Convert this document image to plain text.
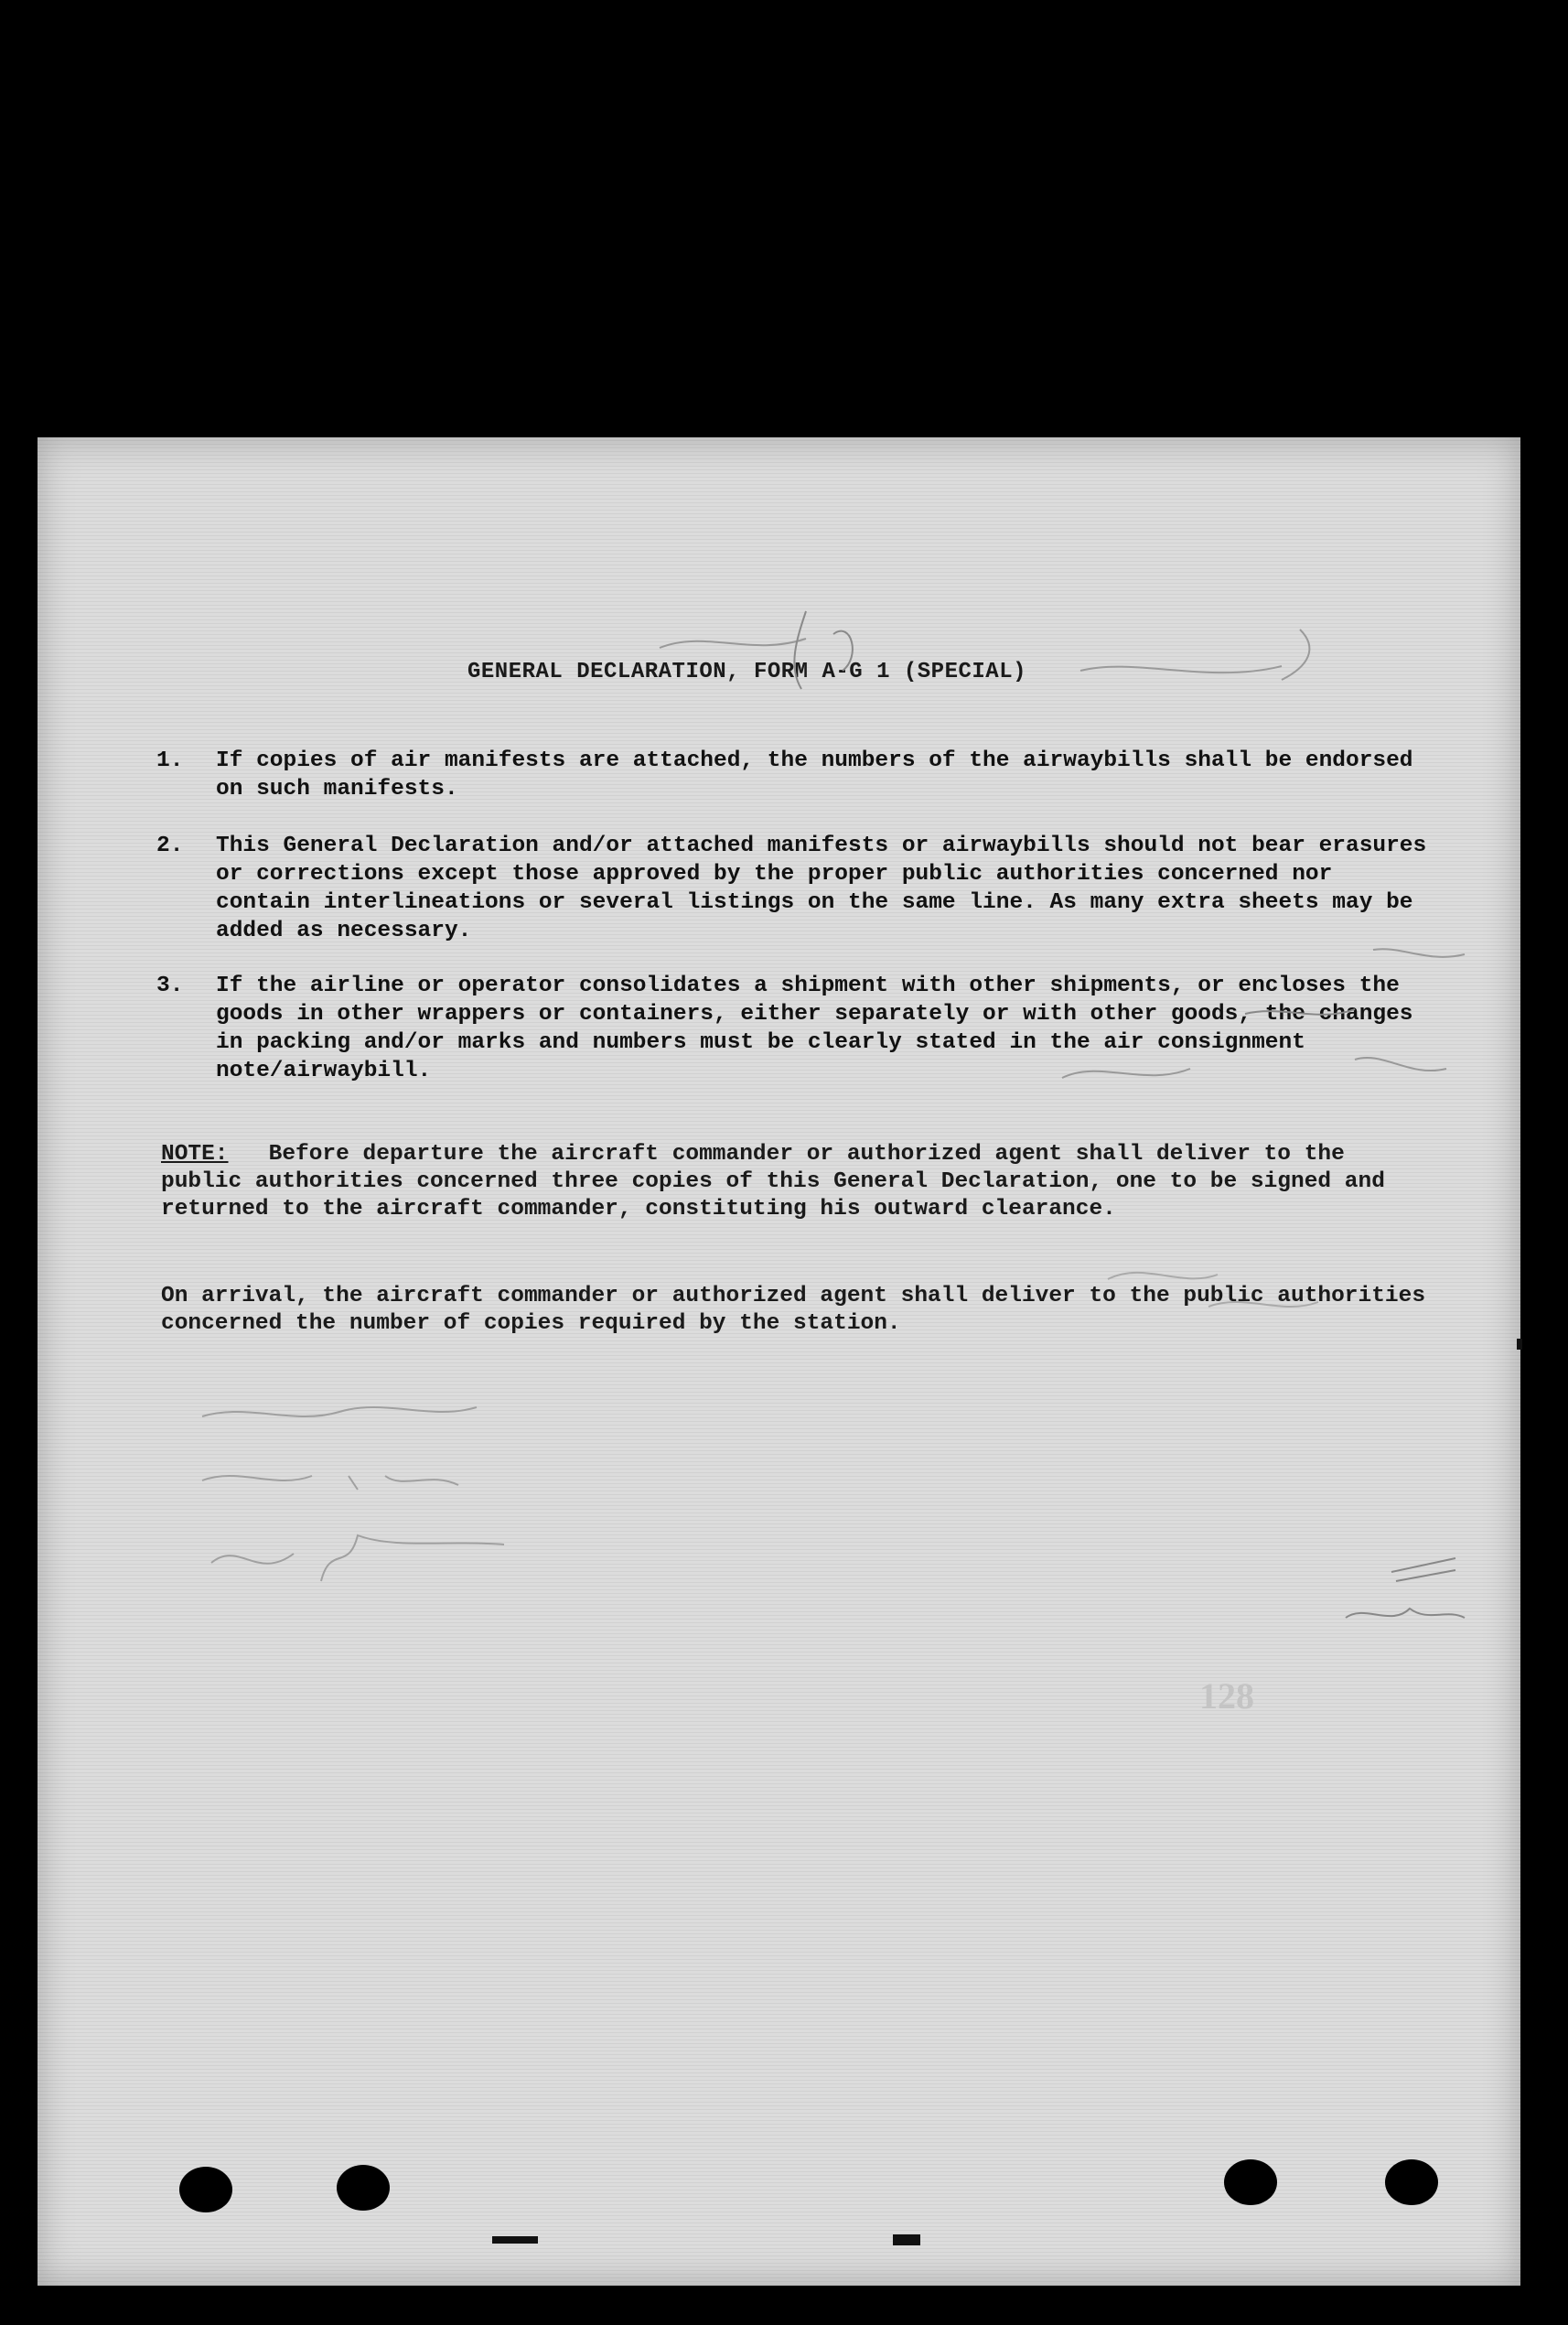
GENERAL DECLARATION, FORM A-G 1 (SPECIAL)
1. If copies of air manifests are attached, the numbers of the airwaybills shall be endorsed on such manifests.
2. This General Declaration and/or attached manifests or airwaybills should not bear erasures or corrections except those approved by the proper public authorities concerned nor contain interlineations or several listings on the same line. As many extra sheets may be added as necessary.
3. If the airline or operator consolidates a shipment with other shipments, or encloses the goods in other wrappers or containers, either separately or with other goods, the changes in packing and/or marks and numbers must be clearly stated in the air consignment note/airwaybill.
NOTE: Before departure the aircraft commander or authorized agent shall deliver to the public authorities concerned three copies of this General Declaration, one to be signed and returned to the aircraft commander, constituting his outward clearance.
On arrival, the aircraft commander or authorized agent shall deliver to the public authorities concerned the number of copies required by the station.
128
